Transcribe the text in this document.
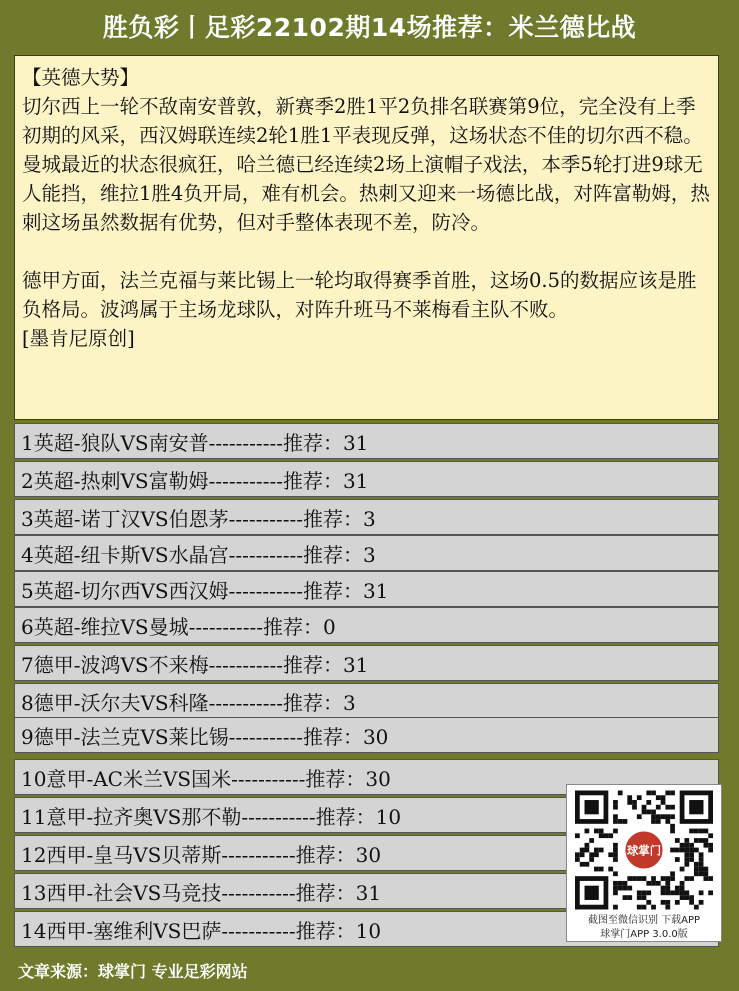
胜负彩丨足彩22102期14场推荐：米兰德比战

【英德大势】

切尔西上一轮不敌南安普敦，新赛季2胜1平2负排名联赛第9位，完全没有上季初期的风采，西汉姆联连续2轮1胜1平表现反弹，这场状态不佳的切尔西不稳。曼城最近的状态很疯狂，哈兰德已经连续2场上演帽子戏法，本季5轮打进9球无人能挡，维拉1胜4负开局，难有机会。热刺又迎来一场德比战，对阵富勒姆，热刺这场虽然数据有优势，但对手整体表现不差，防冷。

德甲方面，法兰克福与莱比锡上一轮均取得赛季首胜，这场0.5的数据应该是胜负格局。波鸿属于主场龙球队，对阵升班马不莱梅看主队不败。

[墨肯尼原创]

1英超-狼队VS南安普-----------推荐：31
2英超-热刺VS富勒姆-----------推荐：31
3英超-诺丁汉VS伯恩茅-----------推荐：3
4英超-纽卡斯VS水晶宫-----------推荐：3
5英超-切尔西VS西汉姆-----------推荐：31
6英超-维拉VS曼城-----------推荐：0
7德甲-波鸿VS不来梅-----------推荐：31
8德甲-沃尔夫VS科隆-----------推荐：3
9德甲-法兰克VS莱比锡-----------推荐：30
10意甲-AC米兰VS国米-----------推荐：30
11意甲-拉齐奥VS那不勒-----------推荐：10
12西甲-皇马VS贝蒂斯-----------推荐：30
13西甲-社会VS马竞技-----------推荐：31
14西甲-塞维利VS巴萨-----------推荐：10
球掌门
截图至微信识别 下载APP
球掌门APP 3.0.0版
文章来源：球掌门 专业足彩网站
